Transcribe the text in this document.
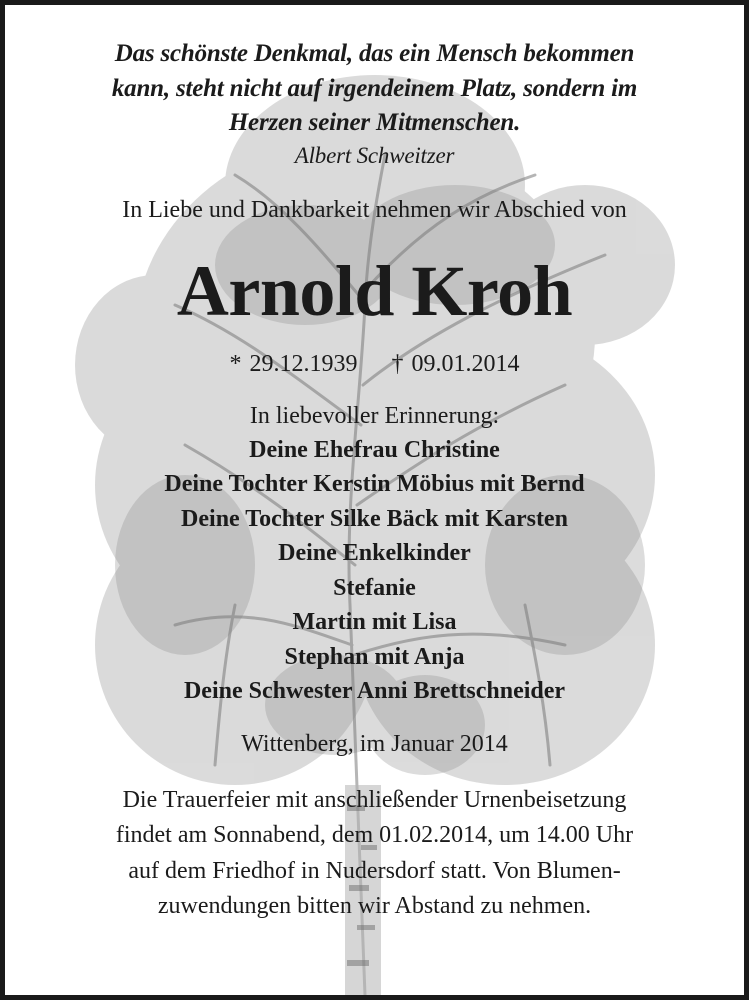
Das schönste Denkmal, das ein Mensch bekommen
kann, steht nicht auf irgendeinem Platz, sondern im
Herzen seiner Mitmenschen.
Albert Schweitzer
In Liebe und Dankbarkeit nehmen wir Abschied von
Arnold Kroh
* 29.12.1939 † 09.01.2014
In liebevoller Erinnerung:
Deine Ehefrau Christine
Deine Tochter Kerstin Möbius mit Bernd
Deine Tochter Silke Bäck mit Karsten
Deine Enkelkinder
Stefanie
Martin mit Lisa
Stephan mit Anja
Deine Schwester Anni Brettschneider
Wittenberg, im Januar 2014
Die Trauerfeier mit anschließender Urnenbeisetzung
findet am Sonnabend, dem 01.02.2014, um 14.00 Uhr
auf dem Friedhof in Nudersdorf statt. Von Blumen-
zuwendungen bitten wir Abstand zu nehmen.
